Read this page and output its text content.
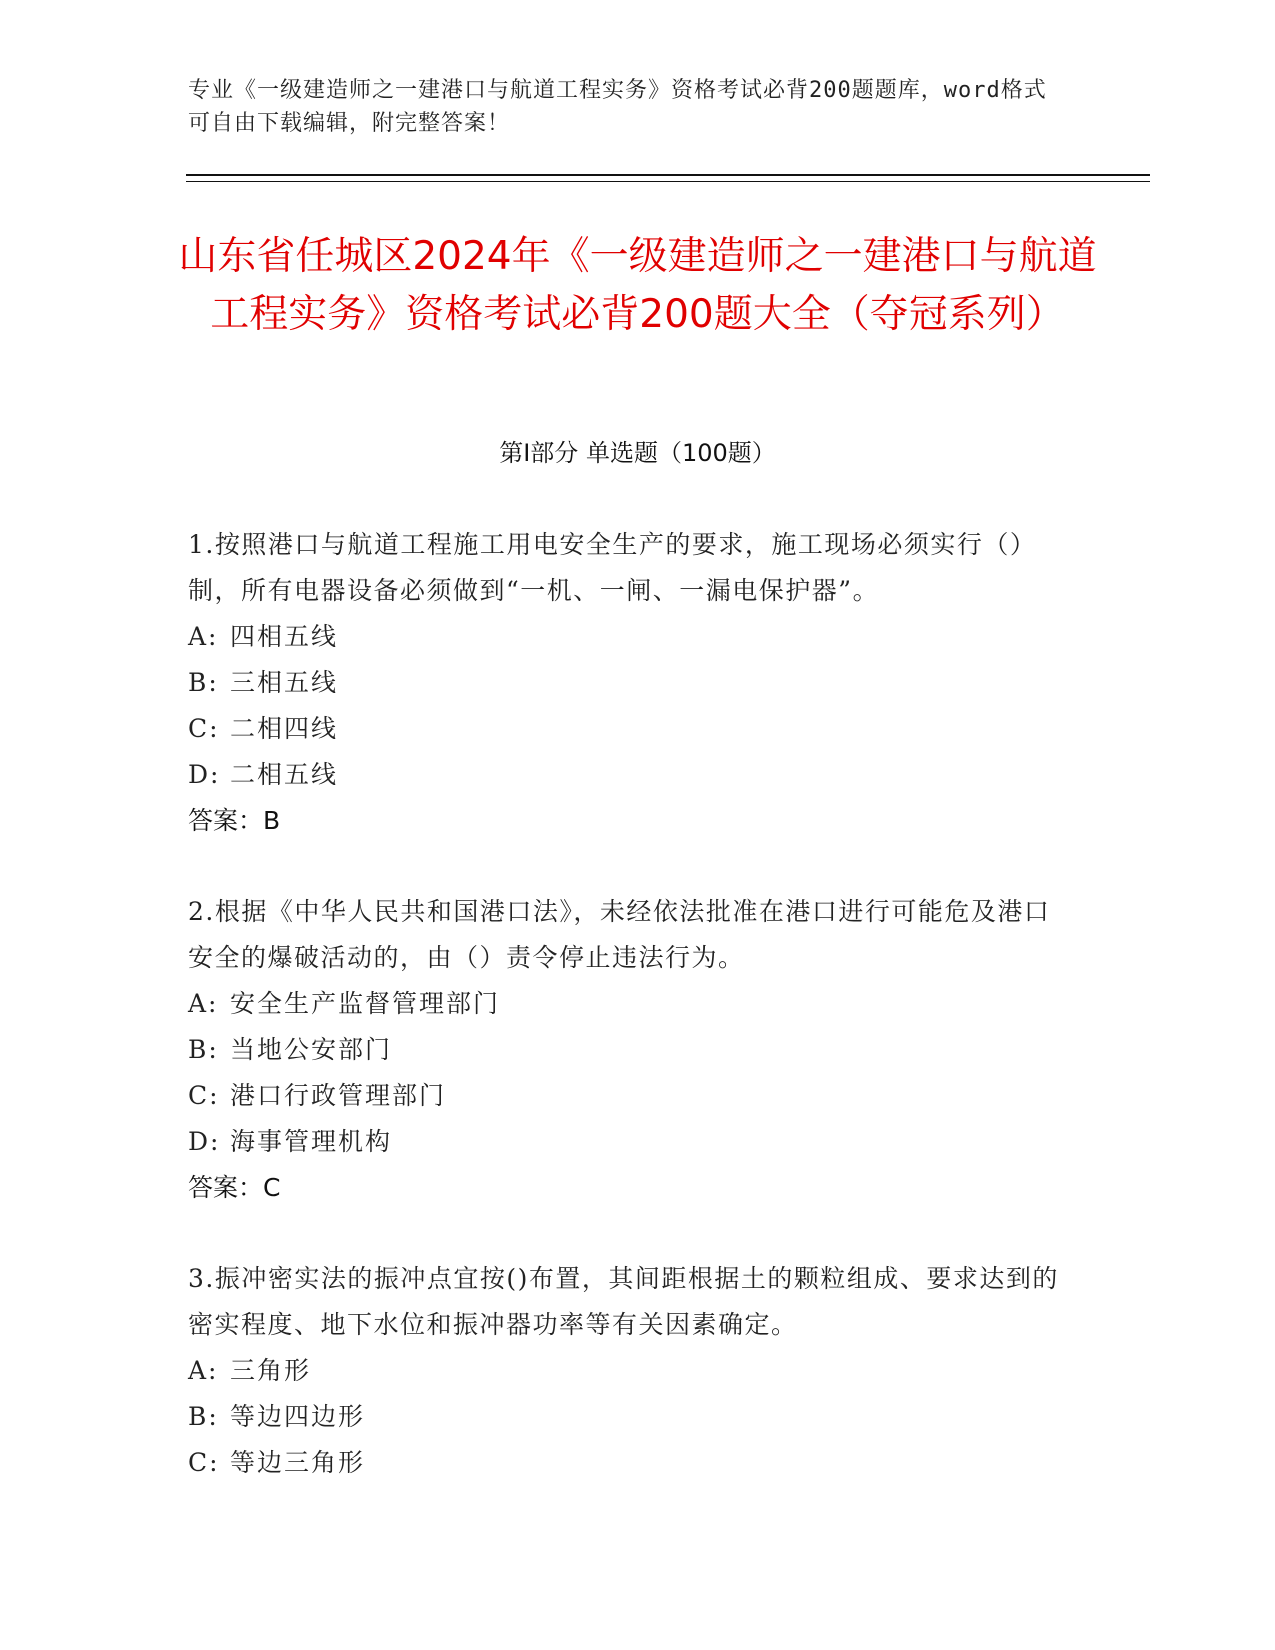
专业《一级建造师之一建港口与航道工程实务》资格考试必背200题题库，word格式可自由下载编辑，附完整答案！
山东省任城区2024年《一级建造师之一建港口与航道工程实务》资格考试必背200题大全（夺冠系列）
第Ⅰ部分 单选题（100题）
1.按照港口与航道工程施工用电安全生产的要求，施工现场必须实行（）制，所有电器设备必须做到“一机、一闸、一漏电保护器”。
A: 四相五线
B: 三相五线
C: 二相四线
D: 二相五线
答案：B
2.根据《中华人民共和国港口法》，未经依法批准在港口进行可能危及港口安全的爆破活动的，由（）责令停止违法行为。
A: 安全生产监督管理部门
B: 当地公安部门
C: 港口行政管理部门
D: 海事管理机构
答案：C
3.振冲密实法的振冲点宜按()布置，其间距根据土的颗粒组成、要求达到的密实程度、地下水位和振冲器功率等有关因素确定。
A: 三角形
B: 等边四边形
C: 等边三角形
